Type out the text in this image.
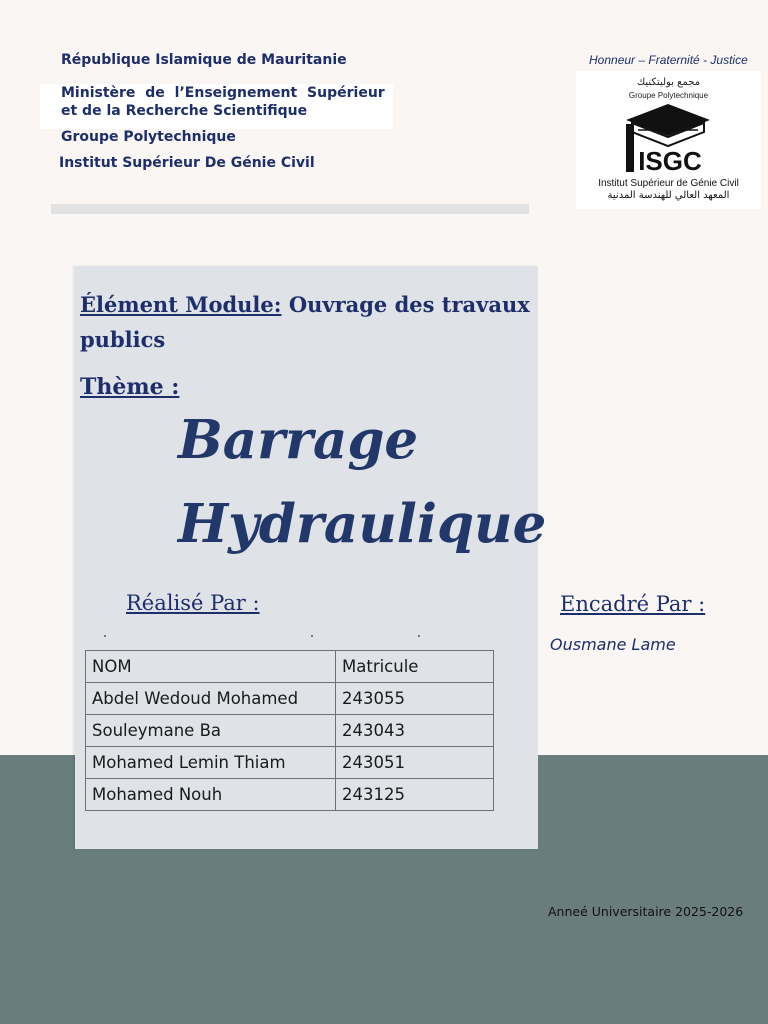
République Islamique de Mauritanie
Ministère de l’Enseignement Supérieur
et de la Recherche Scientifique
Groupe Polytechnique
Institut Supérieur De Génie Civil
Honneur – Fraternité - Justice
مجمع بوليتكنيك
Groupe Polytechnique
ISGC
Institut Supérieur de Génie Civil
المعهد العالي للهندسة المدنية
Élément Module: Ouvrage des travaux publics
Thème :
Barrage
Hydraulique
Réalisé Par :	Encadré Par :
Ousmane Lame
NOM	Matricule
Abdel Wedoud Mohamed	243055
Souleymane Ba	243043
Mohamed Lemin Thiam	243051
Mohamed Nouh	243125
Anneé Universitaire 2025-2026
